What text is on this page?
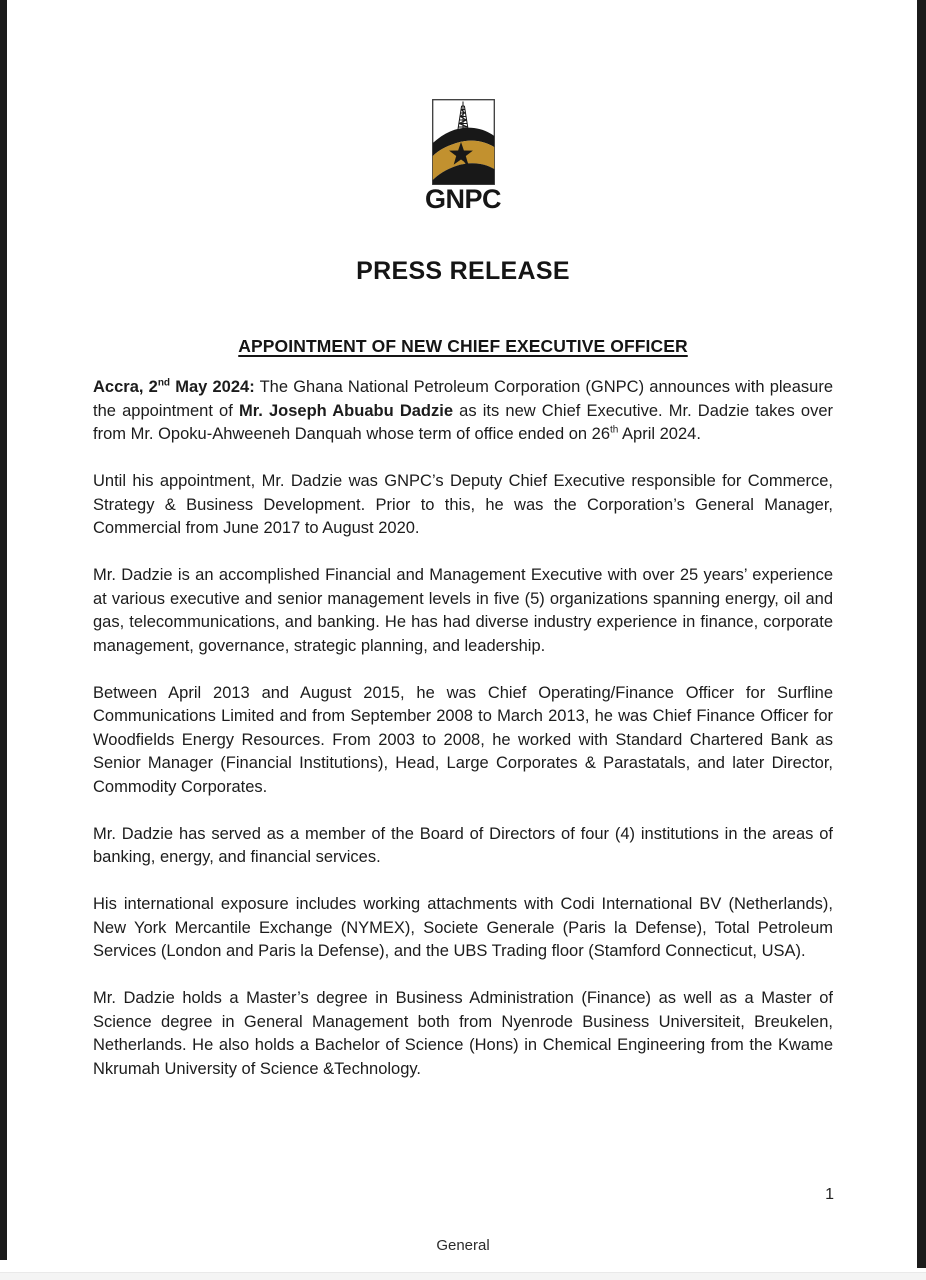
GNPC
PRESS RELEASE
APPOINTMENT OF NEW CHIEF EXECUTIVE OFFICER

Accra, 2nd May 2024: The Ghana National Petroleum Corporation (GNPC) announces with pleasure the appointment of Mr. Joseph Abuabu Dadzie as its new Chief Executive. Mr. Dadzie takes over from Mr. Opoku-Ahweeneh Danquah whose term of office ended on 26th April 2024.

Until his appointment, Mr. Dadzie was GNPC’s Deputy Chief Executive responsible for Commerce, Strategy & Business Development. Prior to this, he was the Corporation’s General Manager, Commercial from June 2017 to August 2020.

Mr. Dadzie is an accomplished Financial and Management Executive with over 25 years’ experience at various executive and senior management levels in five (5) organizations spanning energy, oil and gas, telecommunications, and banking. He has had diverse industry experience in finance, corporate management, governance, strategic planning, and leadership.

Between April 2013 and August 2015, he was Chief Operating/Finance Officer for Surfline Communications Limited and from September 2008 to March 2013, he was Chief Finance Officer for Woodfields Energy Resources. From 2003 to 2008, he worked with Standard Chartered Bank as Senior Manager (Financial Institutions), Head, Large Corporates & Parastatals, and later Director, Commodity Corporates.

Mr. Dadzie has served as a member of the Board of Directors of four (4) institutions in the areas of banking, energy, and financial services.

His international exposure includes working attachments with Codi International BV (Netherlands), New York Mercantile Exchange (NYMEX), Societe Generale (Paris la Defense), Total Petroleum Services (London and Paris la Defense), and the UBS Trading floor (Stamford Connecticut, USA).

Mr. Dadzie holds a Master’s degree in Business Administration (Finance) as well as a Master of Science degree in General Management both from Nyenrode Business Universiteit, Breukelen, Netherlands. He also holds a Bachelor of Science (Hons) in Chemical Engineering from the Kwame Nkrumah University of Science &Technology.

1
General
